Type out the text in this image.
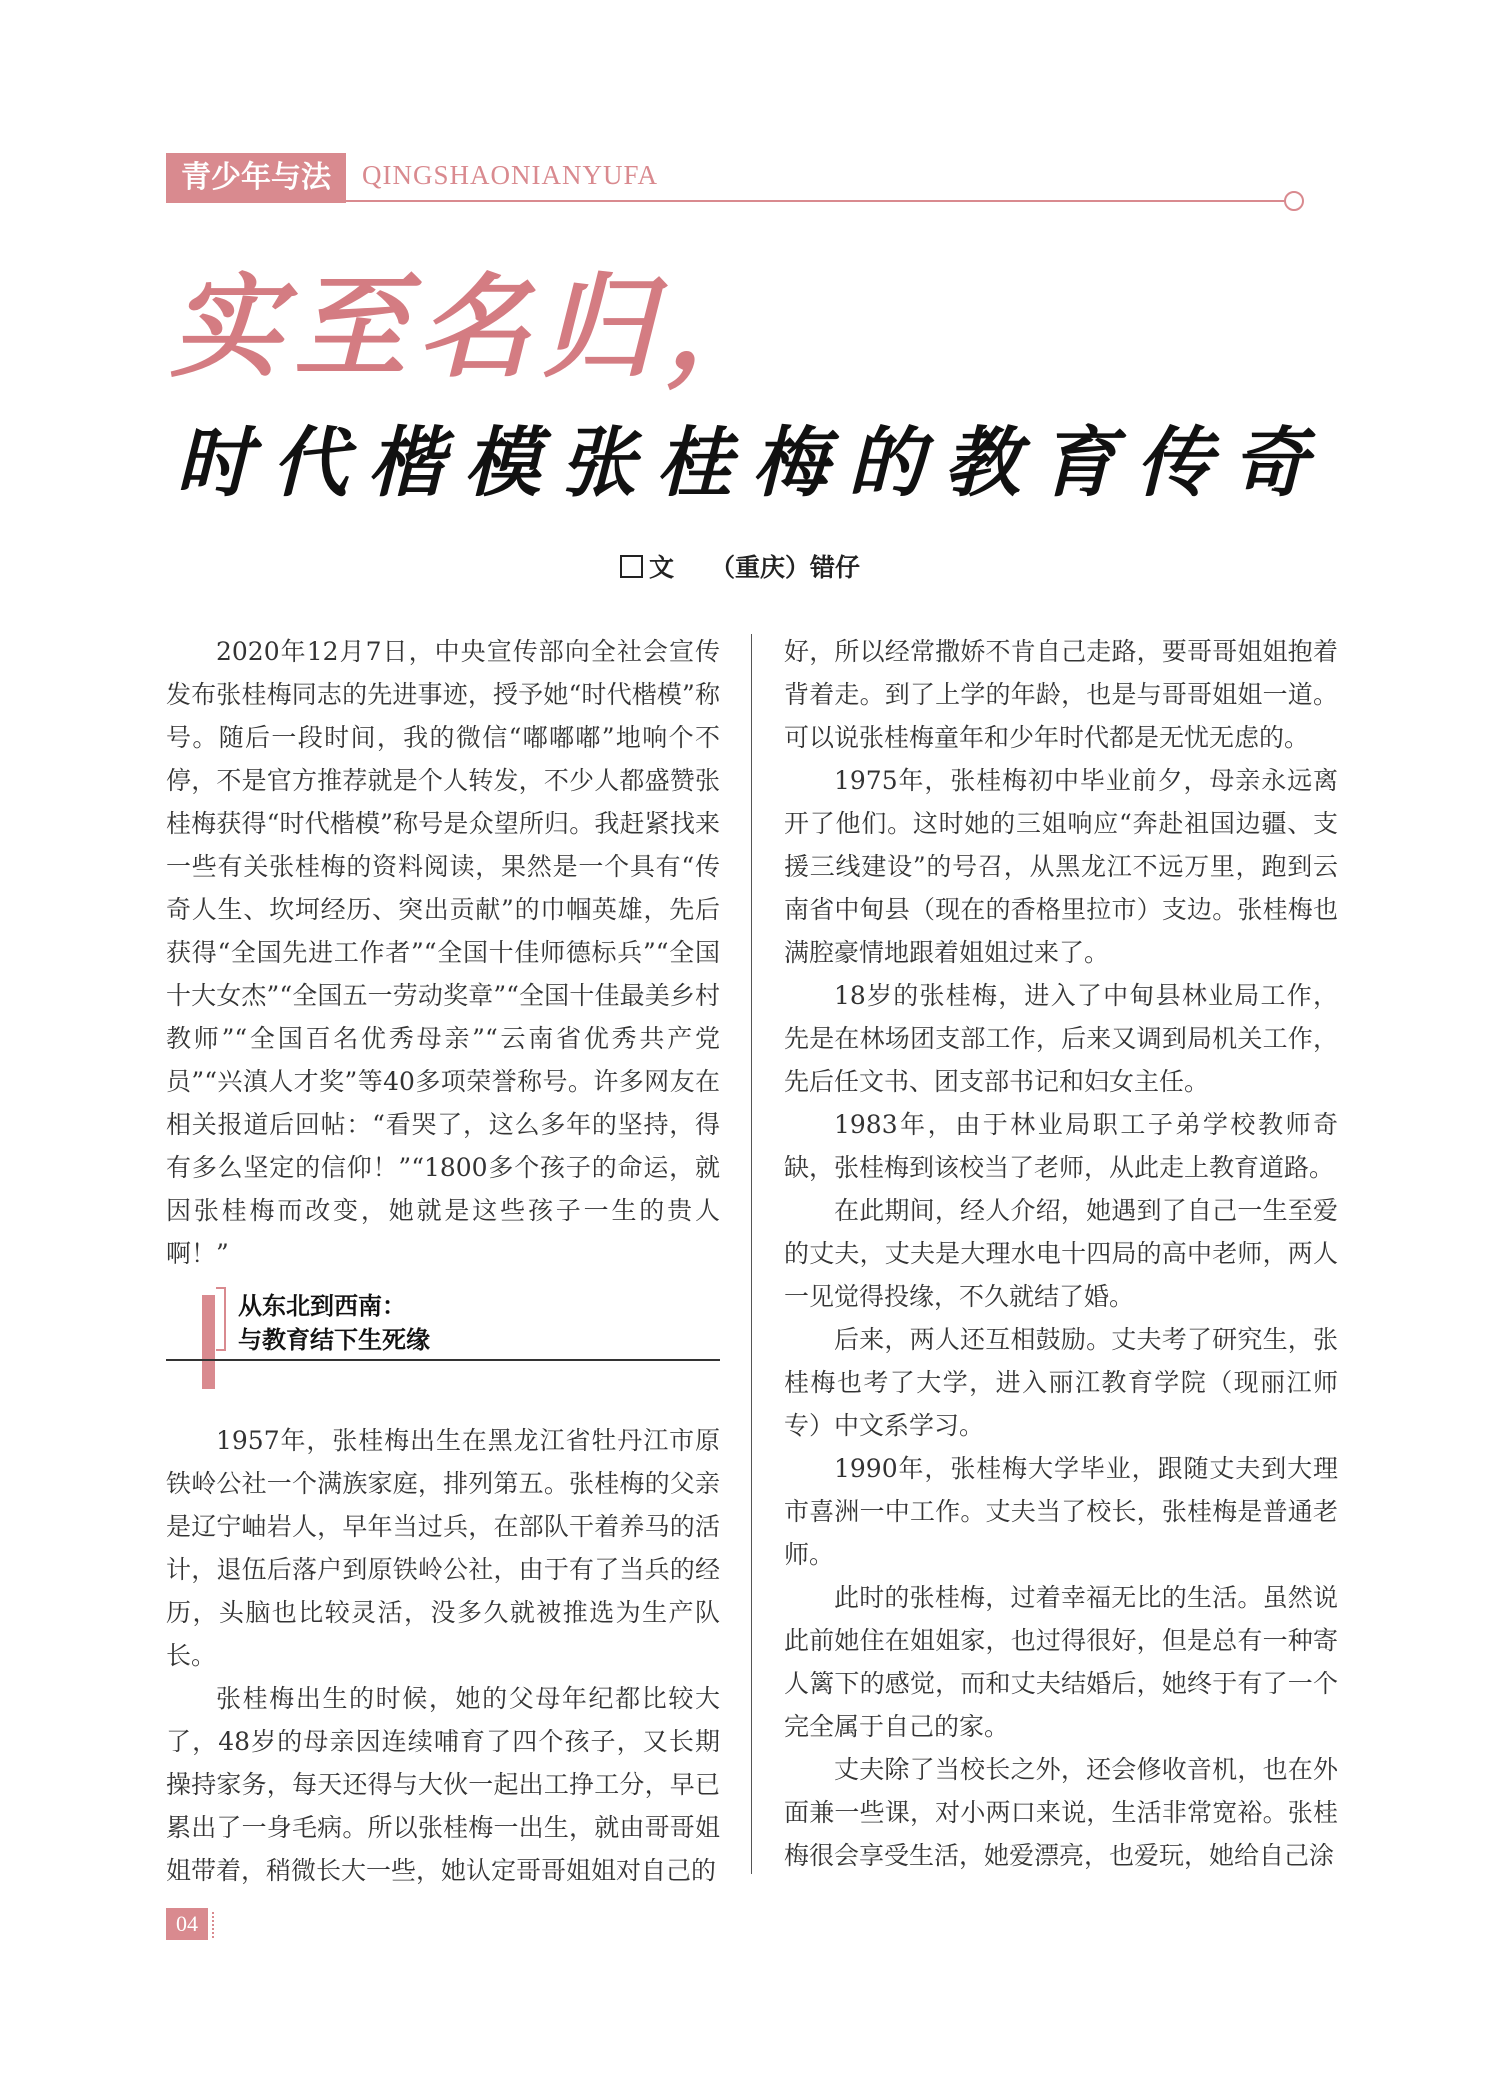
青少年与法	QINGSHAONIANYUFA
实至名归，
时代楷模张桂梅的教育传奇
文 （重庆）错仔

2020年12月7日，中央宣传部向全社会宣传发布张桂梅同志的先进事迹，授予她“时代楷模”称号。随后一段时间，我的微信“嘟嘟嘟”地响个不停，不是官方推荐就是个人转发，不少人都盛赞张桂梅获得“时代楷模”称号是众望所归。我赶紧找来一些有关张桂梅的资料阅读，果然是一个具有“传奇人生、坎坷经历、突出贡献”的巾帼英雄，先后获得“全国先进工作者”“全国十佳师德标兵”“全国十大女杰”“全国五一劳动奖章”“全国十佳最美乡村教师”“全国百名优秀母亲”“云南省优秀共产党员”“兴滇人才奖”等40多项荣誉称号。许多网友在相关报道后回帖：“看哭了，这么多年的坚持，得有多么坚定的信仰！”“1800多个孩子的命运，就因张桂梅而改变，她就是这些孩子一生的贵人啊！”

从东北到西南：
与教育结下生死缘

1957年，张桂梅出生在黑龙江省牡丹江市原铁岭公社一个满族家庭，排列第五。张桂梅的父亲是辽宁岫岩人，早年当过兵，在部队干着养马的活计，退伍后落户到原铁岭公社，由于有了当兵的经历，头脑也比较灵活，没多久就被推选为生产队长。

张桂梅出生的时候，她的父母年纪都比较大了，48岁的母亲因连续哺育了四个孩子，又长期操持家务，每天还得与大伙一起出工挣工分，早已累出了一身毛病。所以张桂梅一出生，就由哥哥姐姐带着，稍微长大一些，她认定哥哥姐姐对自己的

好，所以经常撒娇不肯自己走路，要哥哥姐姐抱着背着走。到了上学的年龄，也是与哥哥姐姐一道。可以说张桂梅童年和少年时代都是无忧无虑的。

1975年，张桂梅初中毕业前夕，母亲永远离开了他们。这时她的三姐响应“奔赴祖国边疆、支援三线建设”的号召，从黑龙江不远万里，跑到云南省中甸县（现在的香格里拉市）支边。张桂梅也满腔豪情地跟着姐姐过来了。

18岁的张桂梅，进入了中甸县林业局工作，先是在林场团支部工作，后来又调到局机关工作，先后任文书、团支部书记和妇女主任。

1983年，由于林业局职工子弟学校教师奇缺，张桂梅到该校当了老师，从此走上教育道路。

在此期间，经人介绍，她遇到了自己一生至爱的丈夫，丈夫是大理水电十四局的高中老师，两人一见觉得投缘，不久就结了婚。

后来，两人还互相鼓励。丈夫考了研究生，张桂梅也考了大学，进入丽江教育学院（现丽江师专）中文系学习。

1990年，张桂梅大学毕业，跟随丈夫到大理市喜洲一中工作。丈夫当了校长，张桂梅是普通老师。

此时的张桂梅，过着幸福无比的生活。虽然说此前她住在姐姐家，也过得很好，但是总有一种寄人篱下的感觉，而和丈夫结婚后，她终于有了一个完全属于自己的家。

丈夫除了当校长之外，还会修收音机，也在外面兼一些课，对小两口来说，生活非常宽裕。张桂梅很会享受生活，她爱漂亮，也爱玩，她给自己涂

04
